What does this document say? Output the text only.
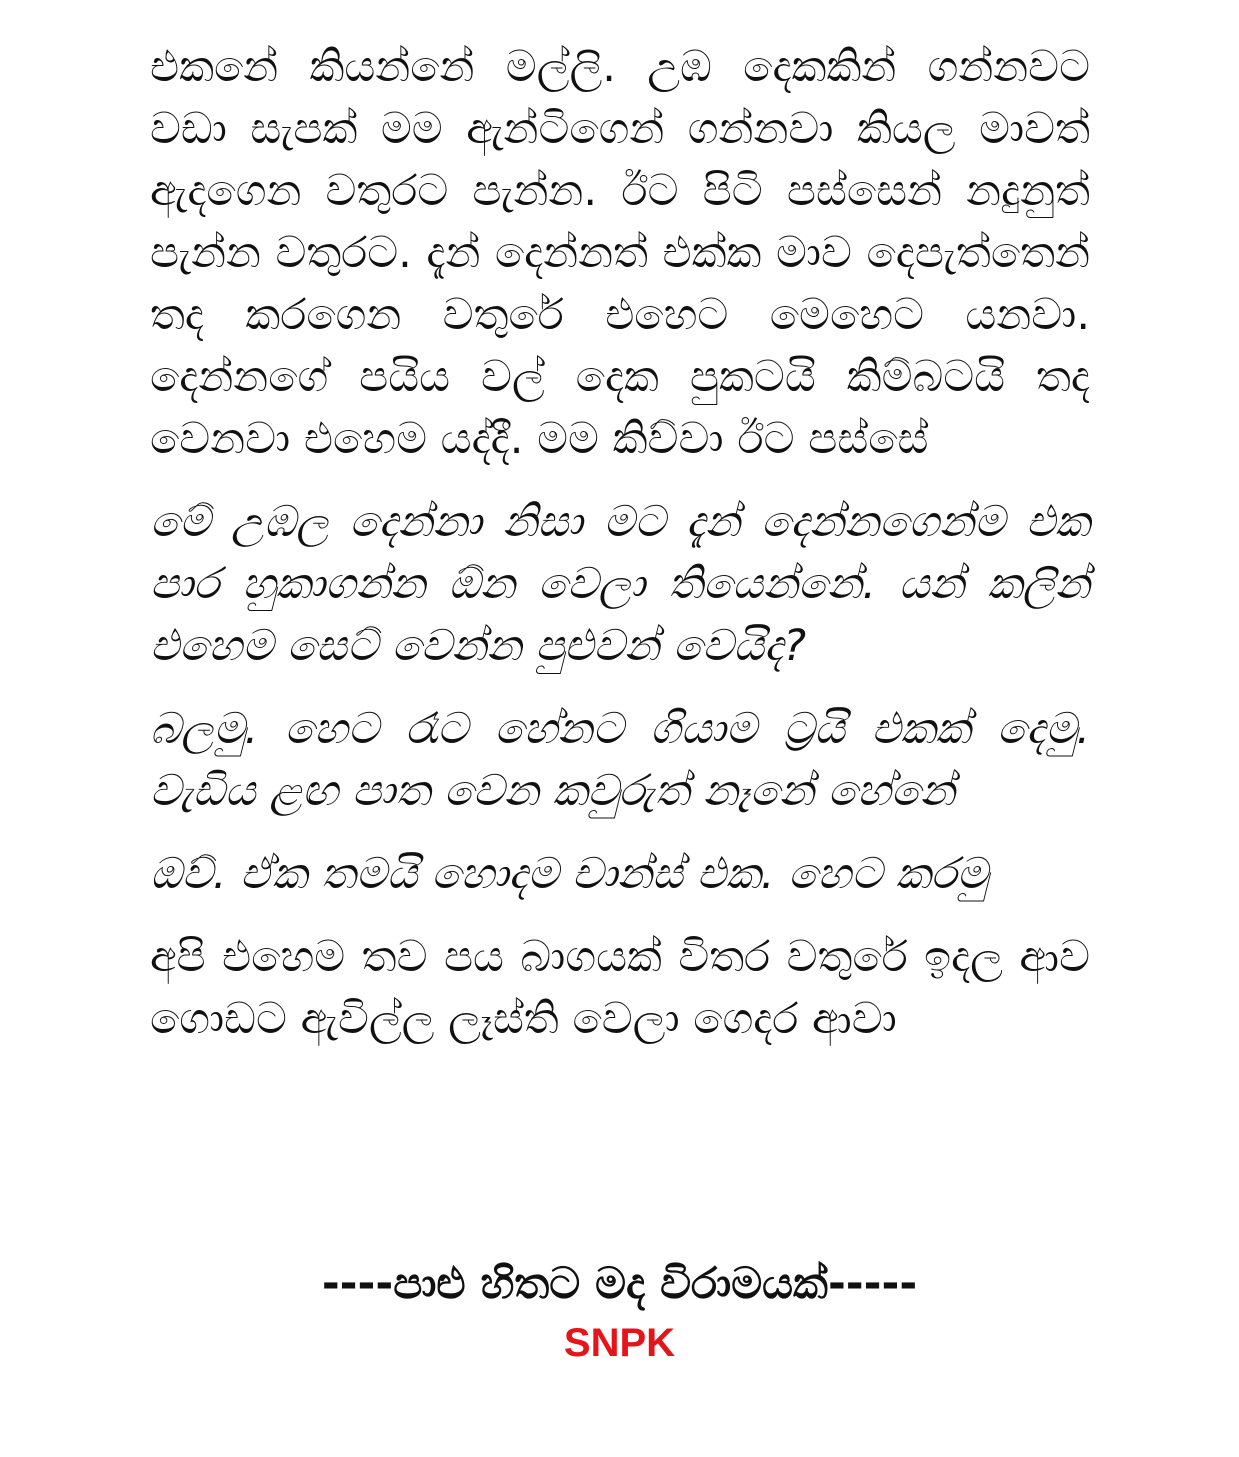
එකනේ කියන්නේ මල්ලි. උඹ දෙකකින් ගන්නවට වඩා සැපක් මම ඇන්ටිගෙන් ගන්නවා කියල මාවත් ඇදගෙන වතුරට පැන්න. ඊට පිටි පස්සෙන් නදුනුත් පැන්න වතුරට. දැන් දෙන්නත් එක්ක මාව දෙපැත්තෙන් තද කරගෙන වතුරේ එහෙට මෙහෙට යනවා. දෙන්නගේ පයිය වල් දෙක පුකටයි කිම්බටයි තද වෙනවා එහෙම යද්දී. මම කිව්වා ඊට පස්සේ

මේ උඹල දෙන්නා නිසා මට දැන් දෙන්නගෙන්ම එක පාර හුකාගන්න ඕන වෙලා තියෙන්නේ. යන් කලින් එහෙම සෙට් වෙන්න පුළුවන් වෙයිද?

බලමු. හෙට රෑට හේනට ගියාම ට්‍රයි එකක් දෙමු. වැඩිය ළඟ පාත වෙන කවුරුත් නෑනේ හේනේ

ඔව්. ඒක තමයි හොදම චාන්ස් එක. හෙට කරමු

අපි එහෙම තව පය බාගයක් විතර වතුරේ ඉදල ආව ගොඩට ඇවිල්ල ලෑස්ති වෙලා ගෙදර ආවා

----පාළු හිතට මද විරාමයක්-----
SNPK
